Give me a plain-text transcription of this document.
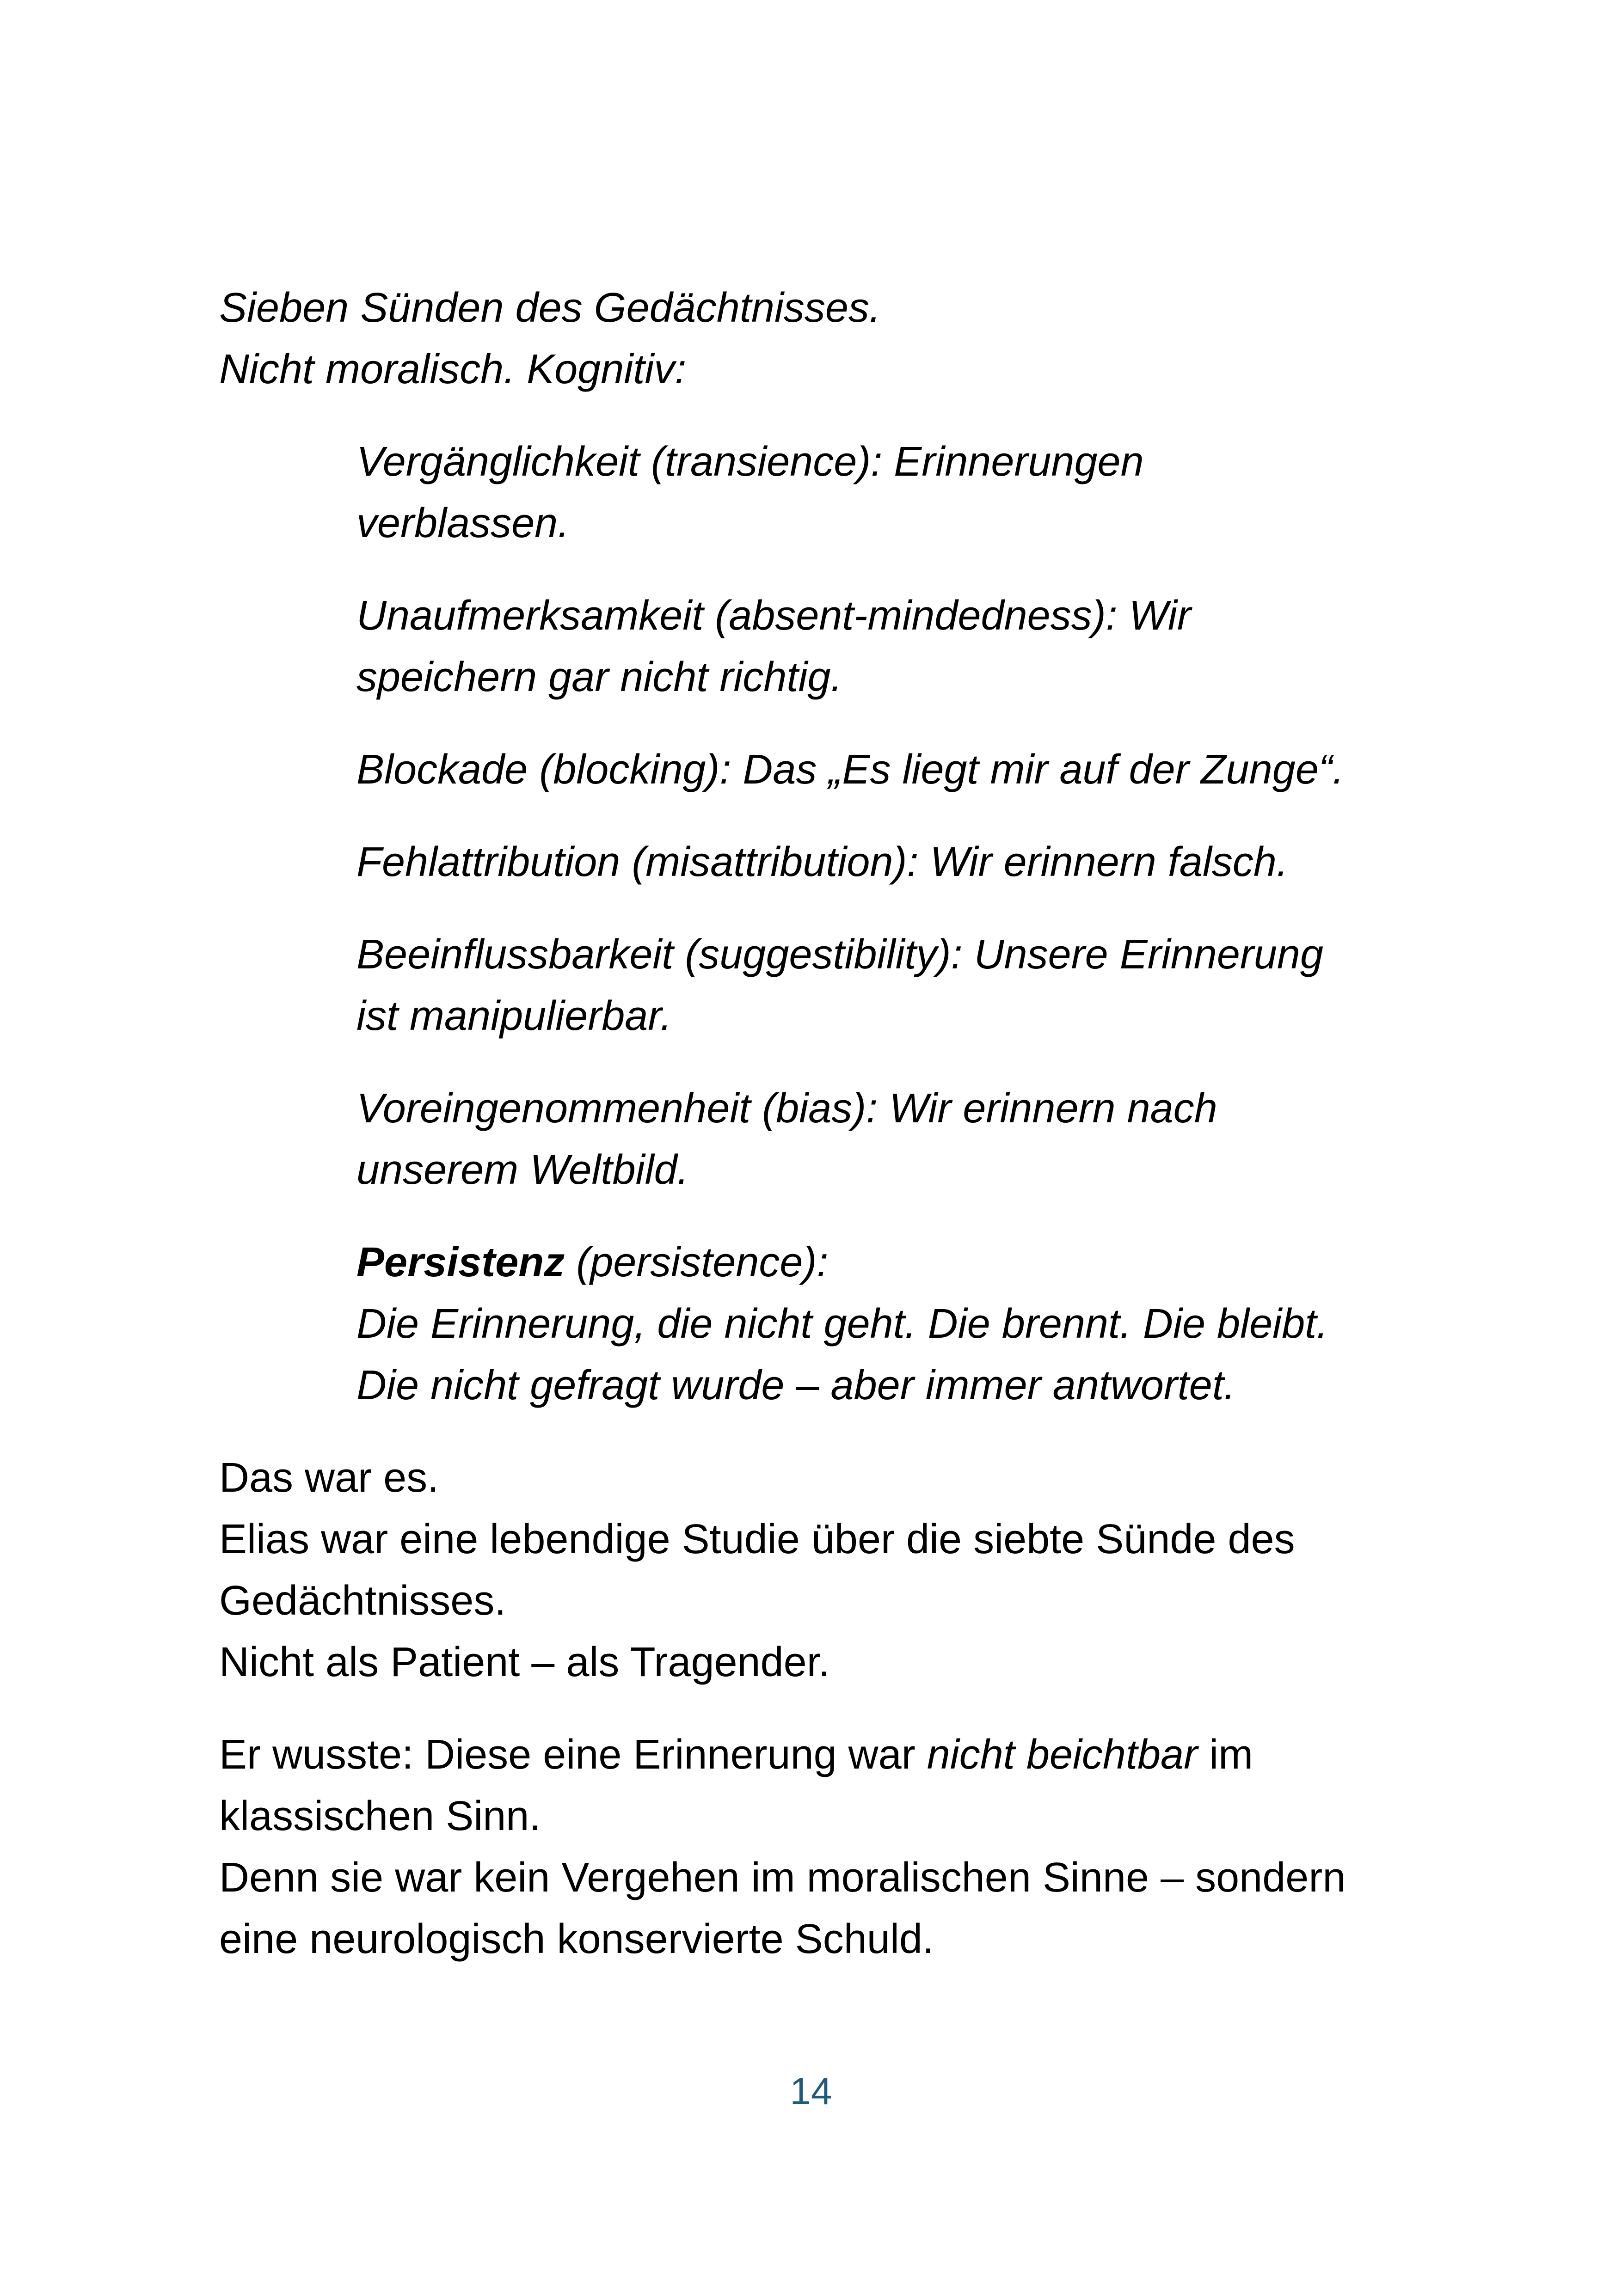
Sieben Sünden des Gedächtnisses.
Nicht moralisch. Kognitiv:

Vergänglichkeit (transience): Erinnerungen
verblassen.

Unaufmerksamkeit (absent-mindedness): Wir
speichern gar nicht richtig.

Blockade (blocking): Das „Es liegt mir auf der Zunge“.

Fehlattribution (misattribution): Wir erinnern falsch.

Beeinflussbarkeit (suggestibility): Unsere Erinnerung
ist manipulierbar.

Voreingenommenheit (bias): Wir erinnern nach
unserem Weltbild.

Persistenz (persistence):
Die Erinnerung, die nicht geht. Die brennt. Die bleibt.
Die nicht gefragt wurde – aber immer antwortet.

Das war es.
Elias war eine lebendige Studie über die siebte Sünde des
Gedächtnisses.
Nicht als Patient – als Tragender.

Er wusste: Diese eine Erinnerung war nicht beichtbar im
klassischen Sinn.
Denn sie war kein Vergehen im moralischen Sinne – sondern
eine neurologisch konservierte Schuld.

14
